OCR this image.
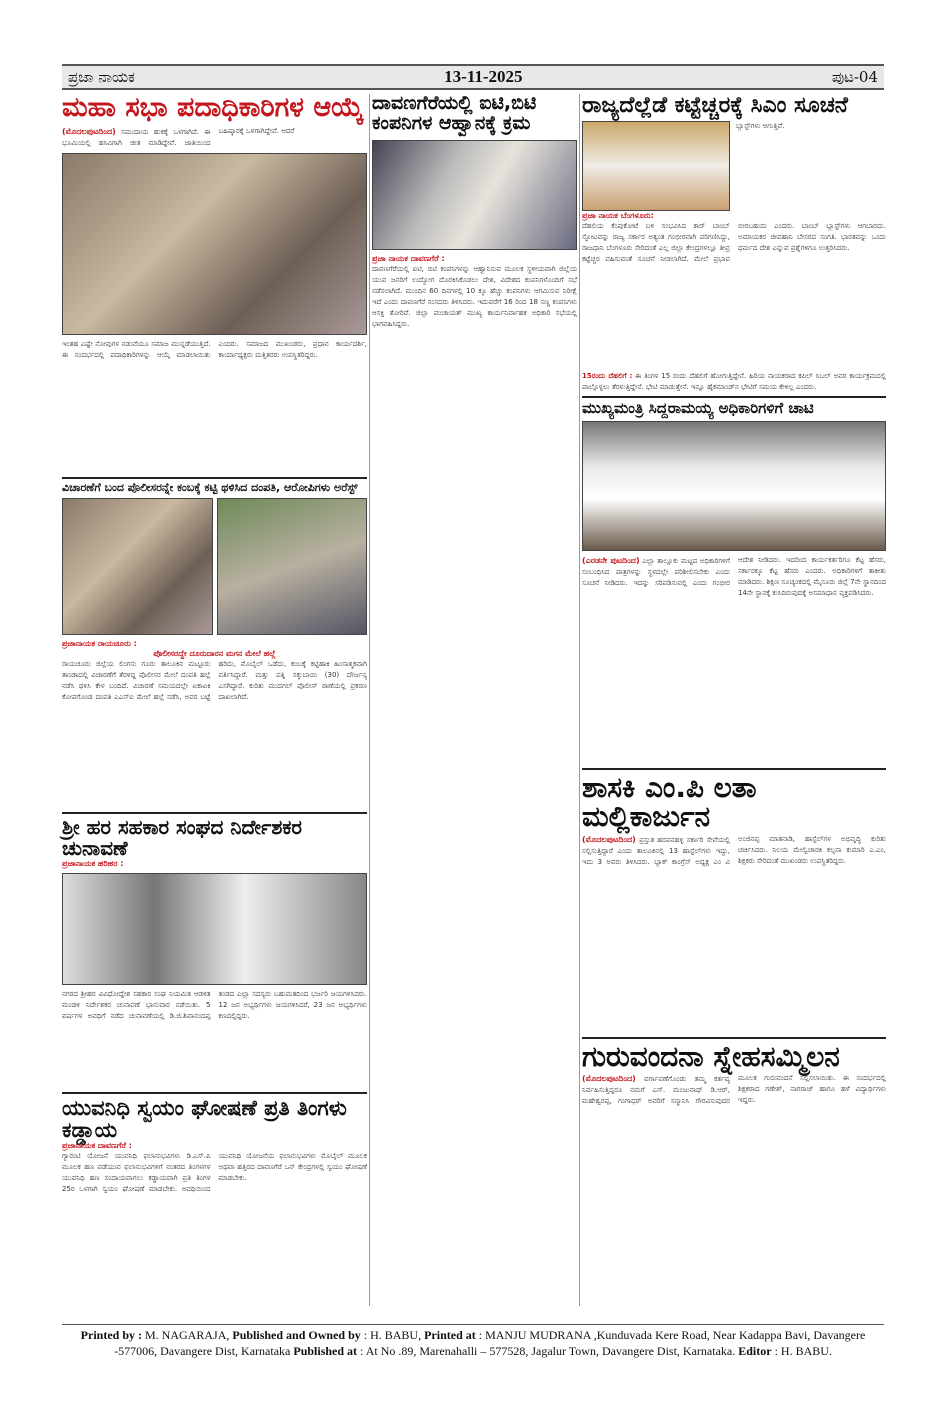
ಪ್ರಜಾ ನಾಯಕ	13-11-2025	ಪುಟ-04
ಮಹಾ ಸಭಾ ಪದಾಧಿಕಾರಿಗಳ ಆಯ್ಕೆ
(ಮೊದಲಪುಟದಿಂದ) ಸಮುದಾಯ ಹುಕಕ್ಕೆ ಒಳಗಾಗಿದೆ. ಈ ಭೂಮಿಯಲ್ಲಿ ಹಸಿವಿಗಾಗಿ ಜೀತ ಮಾಡಿದ್ದೇವೆ. ಜಾತಿಯಿಂದ ಬಹಿಷ್ಕಾರಕ್ಕೆ ಒಳಗಾಗಿದ್ದೇವೆ. ಆದರೆ
ಇಂತಹ ಎಷ್ಟೇ ನೋವುಗಳ ನಡುವೆಯೂ ಸಮಾಜ ಮುನ್ನಡೆಯುತ್ತಿದೆ. ಈ ಸಂದರ್ಭದಲ್ಲಿ ಪದಾಧಿಕಾರಿಗಳನ್ನು ಆಯ್ಕೆ ಮಾಡಲಾಯಿತು ಎಂದರು. ಸಮಾಜದ ಮುಖಂಡರು, ಪ್ರಧಾನ ಕಾರ್ಯದರ್ಶಿ, ಕಾರ್ಯಾಧ್ಯಕ್ಷರು ಮತ್ತಿತರರು ಉಪಸ್ಥಿತರಿದ್ದರು.
ವಿಚಾರಣೆಗೆ ಬಂದ ಪೊಲೀಸರನ್ನೇ ಕಂಬಕ್ಕೆ ಕಟ್ಟಿ ಥಳಿಸಿದ ದಂಪತಿ, ಆರೋಪಿಗಳು ಅರೆಸ್ಟ್
ಪ್ರಜಾನಾಯಕ ರಾಯಚೂರು :
ಪೊಲೀಸರದ್ದೇ ದೂರುದಾರನ ಮಗನ ಮೇಲೆ ಹಲ್ಲೆ
ರಾಯಚೂರು ಜಿಲ್ಲೆಯ ಲಿಂಗಸು ಗೂರು ತಾಲೂಕಿನ ಮಟ್ಟೂರು ತಾಂಡಾದಲ್ಲಿ ವಿಚಾರಣೆಗೆ ತೆರಳಿದ್ದ ಪೊಲೀಸರ ಮೇಲೆ ದಂಪತಿ ಹಲ್ಲೆ ನಡೆಸಿ ಥಳಿಸಿ ಕೇಳ ಬಂದಿದೆ. ವಿಚಾರಣೆ ಸಮಯದಲ್ಲೇ ಏಕಾಏಕಿ ಕೋಪಗೊಂಡ ದಂಪತಿ ಎಎಸ್ಐ ಮೇಲೆ ಹಲ್ಲೆ ನಡೆಸಿ, ಅವರ ಬಟ್ಟೆ ಹರಿದು, ಮೊಬೈಲ್ ಒಡೆದು, ಕಂಬಕ್ಕೆ ಕಟ್ಟಿಹಾಕಿ ಹಿಂಸಾತ್ಮಕವಾಗಿ ವರ್ತಿಸಿದ್ದಾರೆ. ಮತ್ತು ಪತ್ನಿ ಸಕ್ಕುಬಾಯಿ (30) ದೌರ್ಜನ್ಯ ಎಸಗಿದ್ದಾರೆ. ಕುರಿತು ಮುದಗಲ್ ಪೊಲೀಸ್ ಠಾಣೆಯಲ್ಲಿ ಪ್ರಕರಣ ದಾಖಲಾಗಿದೆ.
ಶ್ರೀ ಹರ ಸಹಕಾರ ಸಂಘದ ನಿರ್ದೇಶಕರ ಚುನಾವಣೆ
ಪ್ರಜಾನಾಯಕ ಹರಿಹರ :
ನಗರದ ಶ್ರೀಹರ ವಿವಿಧೋದ್ದೇಶ ಸಹಕಾರ ಸಂಘ ನಿಯಮಿತ ಆಡಳಿತ ಮಂಡಳಿ ನಿರ್ದೇಶಕರ ಚುನಾವಣೆ ಭಾನುವಾರ ನಡೆಯಿತು. 5 ವರ್ಷಗಳ ಅವಧಿಗೆ ನಡೆದ ಚುನಾವಣೆಯಲ್ಲಿ ಡಿ.ಜಿ.ಶಿವಾನಂದಪ್ಪ ತಂಡದ ಎಲ್ಲಾ ಸದಸ್ಯರು ಬಹುಮತದಿಂದ ಭರ್ಜರಿ ಜಯಗಳಿಸಿದರು. 12 ಜನ ಅಭ್ಯರ್ಥಿಗಳು ಜಯಗಳಿಸಿದರೆ, 23 ಜನ ಅಭ್ಯರ್ಥಿಗಳು ಕಣದಲ್ಲಿದ್ದರು.
ಯುವನಿಧಿ ಸ್ವಯಂ ಘೋಷಣೆ ಪ್ರತಿ ತಿಂಗಳು ಕಡ್ಡಾಯ
ಪ್ರಜಾನಾಯಕ ದಾವಣಗೆರೆ :
ಗ್ಯಾರಂಟಿ ಯೋಜನೆ ಯುವನಿಧಿ ಫಲಾನುಭವಿಗಳು ಡಿ.ಎಸ್.ಪಿ ಮೂಲಕ ಹಣ ಪಡೆಯುವ ಫಲಾನುಭವಿಗಳಿಗೆ ನಂತರದ ತಿಂಗಳಗಳ ಯುವನಿಧಿ ಹಣ ಸಂದಾಯವಾಗಲು ಕಡ್ಡಾಯವಾಗಿ ಪ್ರತಿ ತಿಂಗಳ 25ರ ಒಳಗಾಗಿ ಸ್ವಯಂ ಘೋಷಣೆ ಮಾಡಬೇಕು. ಅವಧಿಯಿಂದ ಯುವನಿಧಿ ಯೋಜನೆಯ ಫಲಾನುಭವಿಗಳು ಮೊಬೈಲ್ ಮೂಲಕ ಅಥವಾ ಹತ್ತಿರದ ದಾವಣಗೆರೆ ಒನ್ ಕೇಂದ್ರಗಳಲ್ಲಿ ಸ್ವಯಂ ಘೋಷಣೆ ಮಾಡಬೇಕು.
ದಾವಣಗೆರೆಯಲ್ಲಿ ಐಟಿ,ಬಿಟಿ ಕಂಪನಿಗಳ ಆಹ್ವಾನಕ್ಕೆ ಕ್ರಮ
ಪ್ರಜಾ ನಾಯಕ ದಾವಣಗೆರೆ :
ದಾವಣಗೆರೆಯಲ್ಲಿ ಐಟಿ, ಬಿಟಿ ಕಂಪನಿಗಳನ್ನು ಆಹ್ವಾನಿಸುವ ಮೂಲಕ ಸ್ಥಳೀಯವಾಗಿ ಜಿಲ್ಲೆಯ ಯುವ ಜನರಿಗೆ ಉದ್ಯೋಗ ದೊರಕಿಸಿಕೊಡಲು ದೇಶ, ವಿದೇಶದ ಕಂಪನಿಗಳೊಂದಿಗೆ ಸಭೆ ನಡೆಸಲಾಗಿದೆ. ಮುಂದಿನ 60 ದಿನಗಳಲ್ಲಿ 10 ಕ್ಕೂ ಹೆಚ್ಚು ಕಂಪನಿಗಳು ಆಗಮಿಸುವ ನಿರೀಕ್ಷೆ ಇದೆ ಎಂದು ದಾವಣಗೆರೆ ಸಂಸದರು ತಿಳಿಸಿದರು. ಇದುವರೆಗೆ 16 ರಿಂದ 18 ಸಣ್ಣ ಕಂಪನಿಗಳು ಆಸಕ್ತಿ ತೋರಿವೆ. ಜಿಲ್ಲಾ ಪಂಚಾಯತ್ ಮುಖ್ಯ ಕಾರ್ಯನಿರ್ವಾಹಕ ಅಧಿಕಾರಿ ಸಭೆಯಲ್ಲಿ ಭಾಗವಹಿಸಿದ್ದರು.
ರಾಜ್ಯದೆಲ್ಲೆಡೆ ಕಟ್ಟೆಚ್ಚರಕ್ಕೆ ಸಿಎಂ ಸೂಚನೆ
ಪ್ರಜಾ ನಾಯಕ ಬೆಂಗಳೂರು:
ಬ್ಲಾಸ್ಟ್‌ಗಳು ಆಗುತ್ತಿವೆ.
ದೆಹಲಿಯ ಕೆಂಪುಕೋಟೆ ಬಳಿ ಸಂಭವಿಸಿದ ಕಾರ್ ಬಾಂಬ್ ಸ್ಫೋಟವನ್ನು ರಾಜ್ಯ ಸರ್ಕಾರ ಅತ್ಯಂತ ಗಂಭೀರವಾಗಿ ಪರಿಗಣಿಸಿದ್ದು, ರಾಜಧಾನಿ ಬೆಂಗಳೂರು ಸೇರಿದಂತೆ ಎಲ್ಲ ಜಿಲ್ಲಾ ಕೇಂದ್ರಗಳಲ್ಲೂ ತೀವ್ರ ಕಟ್ಟೆಚ್ಚರ ವಹಿಸುವಂತೆ ಸೂಚನೆ ನೀಡಲಾಗಿದೆ. ಮೇಲೆ ಪ್ರಭಾವ ಬೀರಬಹುದು ಎಂದರು. ಬಾಂಬ್ ಬ್ಲಾಸ್ಟ್‌ಗಳು ಆಗಬಾರದು. ಅಮಾಯಕರ ಜೀವಹಾನಿ ಬೇಸರದ ಸಂಗತಿ. ಭಾರತವನ್ನು ಒಂದು ಧರ್ಮದ ದೇಶ ಎನ್ನುವ ಪ್ರಶ್ನೆಗಳಿಗೂ ಉತ್ತರಿಸಿದರು.
15ರಂದು ದೆಹಲಿಗೆ : ಈ ತಿಂಗಳ 15 ರಂದು ದೆಹಲಿಗೆ ಹೋಗುತ್ತಿದ್ದೇನೆ. ಹಿರಿಯ ನಾಯಕರಾದ ಕಪಿಲ್ ಸಿಬಲ್ ಅವರ ಕಾರ್ಯಕ್ರಮದಲ್ಲಿ ಪಾಲ್ಗೊಳ್ಳಲು ತೆರಳುತ್ತಿದ್ದೇನೆ. ಭೇಟಿ ಮಾಡುತ್ತೇನೆ. ಇನ್ನೂ ಹೈಕಮಾಂಡ್‌ನ ಭೇಟಿಗೆ ಸಮಯ ಕೇಳಿಲ್ಲ ಎಂದರು.
ಮುಖ್ಯಮಂತ್ರಿ ಸಿದ್ದರಾಮಯ್ಯ ಅಧಿಕಾರಿಗಳಿಗೆ ಚಾಟಿ
(ಎರಡನೇ ಪುಟದಿಂದ) ಎಲ್ಲಾ ತಾಲ್ಲೂಕು ಮಟ್ಟದ ಅಧಿಕಾರಿಗಳಿಗೆ ಸಂಬಂಧಿಸಿದ ಪಾತ್ರಗಳನ್ನು ಸ್ಥಳದಲ್ಲೇ ಪರಿಶೀಲಿಸಬೇಕು ಎಂದು ಸೂಚನೆ ನೀಡಿದರು. ಇದನ್ನು ಸರಿಪಡಿಸುವಲ್ಲಿ ಎಂದು ಗಂಭೀರ ಆದೇಶ ನೀಡಿದರು. ಇದರಿಂದ ಕಾರ್ಯಕರ್ತರಿಗೂ ಕೆಟ್ಟ ಹೆಸರು, ಸರ್ಕಾರಕ್ಕೂ ಕೆಟ್ಟ ಹೆಸರು ಎಂದರು. ಅಧಿಕಾರಿಗಳಿಗೆ ತಾಕೀತು ಮಾಡಿದರು. ಶಿಕ್ಷಣ ಸೂಚ್ಯಂಕದಲ್ಲಿ ಮೈಸೂರು ಜಿಲ್ಲೆ 7ನೇ ಸ್ಥಾನದಿಂದ 14ನೇ ಸ್ಥಾನಕ್ಕೆ ಕುಸಿದಿರುವುದಕ್ಕೆ ಅಸಮಾಧಾನ ವ್ಯಕ್ತಪಡಿಸಿದರು.
ಶಾಸಕಿ ಎಂ.ಪಿ ಲತಾ ಮಲ್ಲಿಕಾರ್ಜುನ
(ಮೊದಲಪುಟದಿಂದ) ಪ್ರಸ್ತುತ ಹರಪನಹಳ್ಳಿ ಸರ್ಕಾರಿ ಸೇವೆಯಲ್ಲಿ ಸಲ್ಲಿಸುತ್ತಿದ್ದಾರೆ ಎಂದು ತಾಲೂಕಿನಲ್ಲಿ 13 ಹಾಸ್ಟೆಲ್‌ಗಳು ಇದ್ದು, ಇದು 3 ಅವರು ತಿಳಿಸಿದರು. ಬ್ಲಾಕ್ ಕಾಂಗ್ರೆಸ್ ಅಧ್ಯಕ್ಷ ಎಂ ವಿ ಅಂಜಿನಪ್ಪ ಮಾತನಾಡಿ, ಹಾಸ್ಟೆಲ್‌ಗಳ ಅಭಿವೃದ್ಧಿ ಕುರಿತು ಚರ್ಚಿಸಿದರು. ನಿಲಯ ಮೇಲ್ವಿಚಾರಕಿ ಕಲ್ಪನಾ ಕುಮಾರಿ ಎ.ಎಂ, ಶಿಕ್ಷಕರು ಸೇರಿದಂತೆ ಮುಖಂಡರು ಉಪಸ್ಥಿತರಿದ್ದರು.
ಗುರುವಂದನಾ ಸ್ನೇಹಸಮ್ಮಿಲನ
(ಮೊದಲಪುಟದಿಂದ) ವರ್ಗಾವಣೆಗೊಂಡು ತಮ್ಮ ಕರ್ತವ್ಯ ನಿರ್ವಹಿಸುತ್ತಿದ್ದರೂ ನಮಗೆ ಎಸ್. ಮಂಜುನಾಥ್ ಡಿ.ಆರ್, ಮಹೇಶ್ವರಪ್ಪ, ಗಂಗಾಧರ್ ಅವರಿಗೆ ಸನ್ಮಾನಿಸಿ ಗೌರವಿಸುವುದರ ಮೂಲಕ ಗುರುವಂದನೆ ಸಲ್ಲಿಸಲಾಯಿತು. ಈ ಸಂದರ್ಭದಲ್ಲಿ ಶಿಕ್ಷಕರಾದ ಗಣೇಶ್, ನಾಗರಾಜ್ ಹಾಗೂ ಹಳೆ ವಿದ್ಯಾರ್ಥಿಗಳು ಇದ್ದರು.
Printed by : M. NAGARAJA, Published and Owned by : H. BABU, Printed at : MANJU MUDRANA ,Kunduvada Kere Road, Near Kadappa Bavi, Davangere -577006, Davangere Dist, Karnataka Published at : At No .89, Marenahalli – 577528, Jagalur Town, Davangere Dist, Karnataka. Editor : H. BABU.
